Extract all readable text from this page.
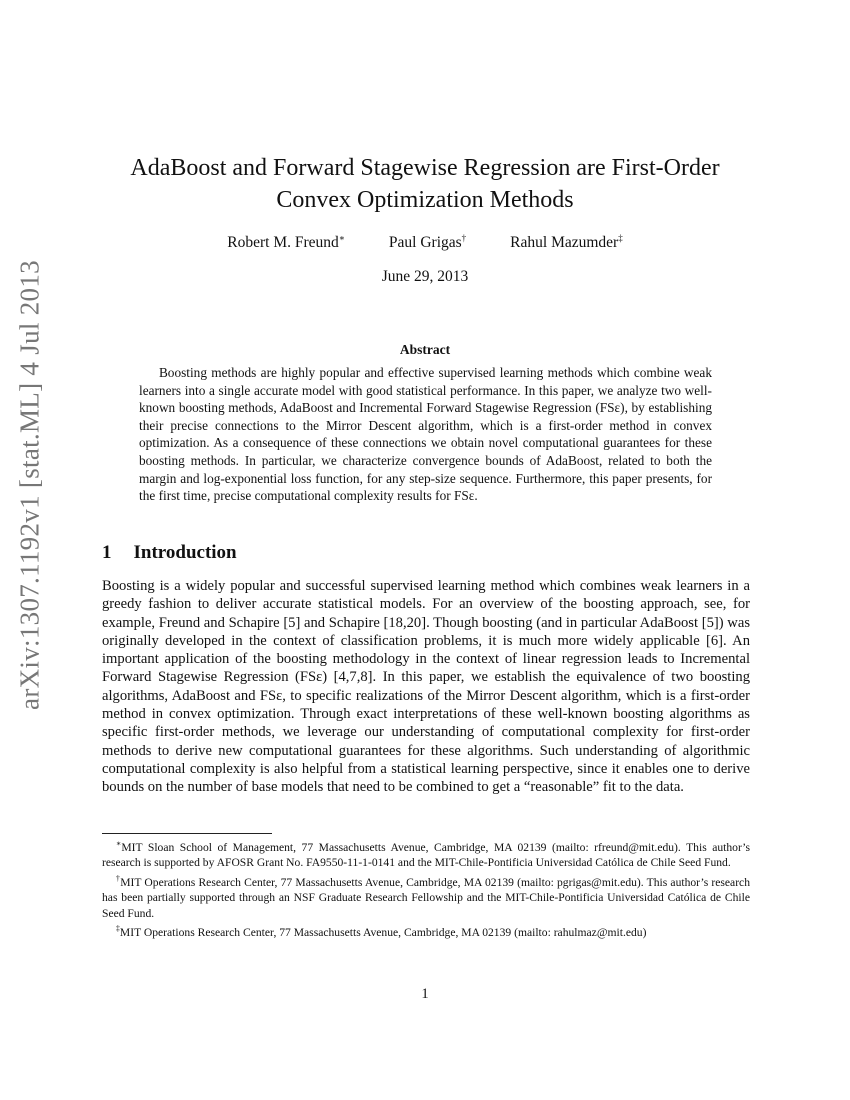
arXiv:1307.1192v1 [stat.ML] 4 Jul 2013
AdaBoost and Forward Stagewise Regression are First-Order
Convex Optimization Methods
Robert M. Freund∗	Paul Grigas†	Rahul Mazumder‡
June 29, 2013
Abstract
Boosting methods are highly popular and effective supervised learning methods which combine weak learners into a single accurate model with good statistical performance. In this paper, we analyze two well-known boosting methods, AdaBoost and Incremental Forward Stagewise Regression (FSε), by establishing their precise connections to the Mirror Descent algorithm, which is a first-order method in convex optimization. As a consequence of these connections we obtain novel computational guarantees for these boosting methods. In particular, we characterize convergence bounds of AdaBoost, related to both the margin and log-exponential loss function, for any step-size sequence. Furthermore, this paper presents, for the first time, precise computational complexity results for FSε.
1 Introduction
Boosting is a widely popular and successful supervised learning method which combines weak learners in a greedy fashion to deliver accurate statistical models. For an overview of the boosting approach, see, for example, Freund and Schapire [5] and Schapire [18,20]. Though boosting (and in particular AdaBoost [5]) was originally developed in the context of classification problems, it is much more widely applicable [6]. An important application of the boosting methodology in the context of linear regression leads to Incremental Forward Stagewise Regression (FSε) [4,7,8]. In this paper, we establish the equivalence of two boosting algorithms, AdaBoost and FSε, to specific realizations of the Mirror Descent algorithm, which is a first-order method in convex optimization. Through exact interpretations of these well-known boosting algorithms as specific first-order methods, we leverage our understanding of computational complexity for first-order methods to derive new computational guarantees for these algorithms. Such understanding of algorithmic computational complexity is also helpful from a statistical learning perspective, since it enables one to derive bounds on the number of base models that need to be combined to get a “reasonable” fit to the data.

∗MIT Sloan School of Management, 77 Massachusetts Avenue, Cambridge, MA 02139 (mailto: rfreund@mit.edu). This author’s research is supported by AFOSR Grant No. FA9550-11-1-0141 and the MIT-Chile-Pontificia Universidad Católica de Chile Seed Fund.

†MIT Operations Research Center, 77 Massachusetts Avenue, Cambridge, MA 02139 (mailto: pgrigas@mit.edu). This author’s research has been partially supported through an NSF Graduate Research Fellowship and the MIT-Chile-Pontificia Universidad Católica de Chile Seed Fund.

‡MIT Operations Research Center, 77 Massachusetts Avenue, Cambridge, MA 02139 (mailto: rahulmaz@mit.edu)

1
